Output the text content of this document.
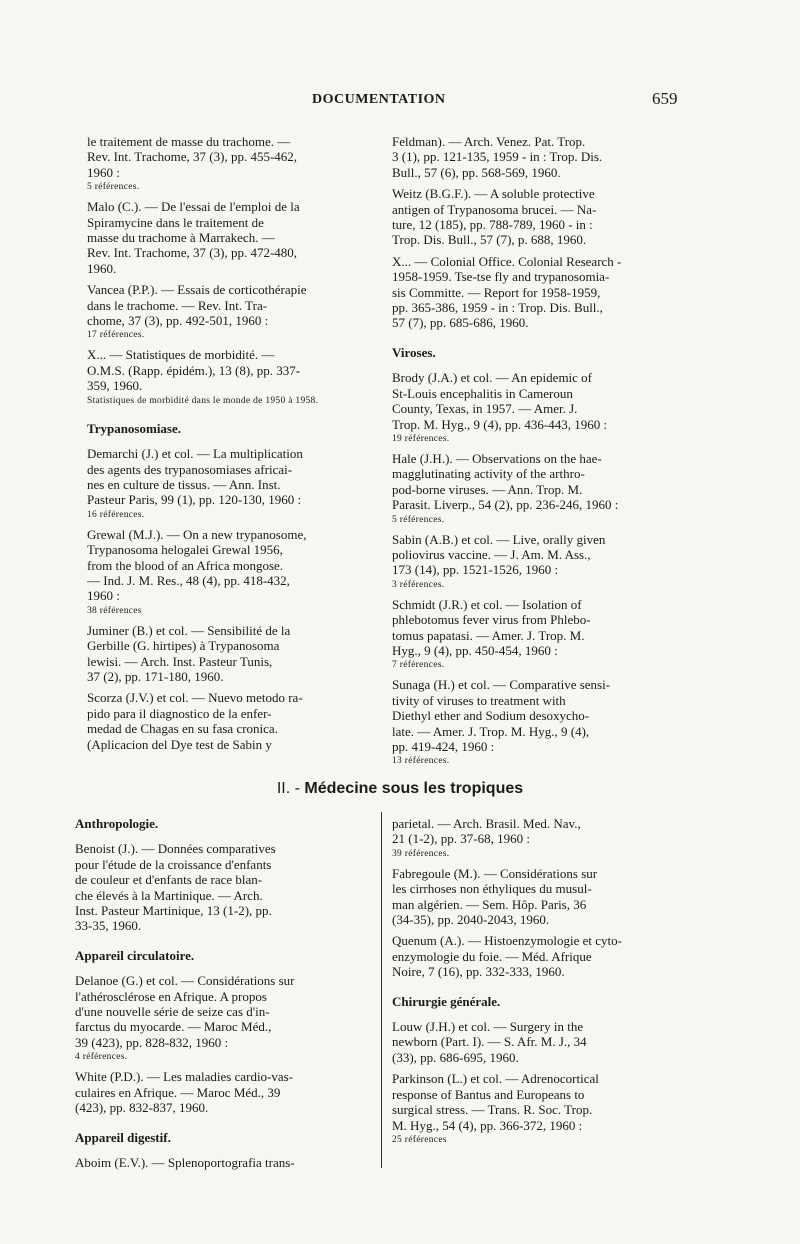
DOCUMENTATION	659
le traitement de masse du trachome. —
Rev. Int. Trachome, 37 (3), pp. 455-462,
1960 :
5 références.
Malo (C.). — De l'essai de l'emploi de la
Spiramycine dans le traitement de
masse du trachome à Marrakech. —
Rev. Int. Trachome, 37 (3), pp. 472-480,
1960.
Vancea (P.P.). — Essais de corticothérapie
dans le trachome. — Rev. Int. Tra-
chome, 37 (3), pp. 492-501, 1960 :
17 références.
X... — Statistiques de morbidité. —
O.M.S. (Rapp. épidém.), 13 (8), pp. 337-
359, 1960.
Statistiques de morbidité dans le monde de 1950 à 1958.
Trypanosomiase.
Demarchi (J.) et col. — La multiplication
des agents des trypanosomiases africai-
nes en culture de tissus. — Ann. Inst.
Pasteur Paris, 99 (1), pp. 120-130, 1960 :
16 références.
Grewal (M.J.). — On a new trypanosome,
Trypanosoma helogalei Grewal 1956,
from the blood of an Africa mongose.
— Ind. J. M. Res., 48 (4), pp. 418-432,
1960 :
38 références
Juminer (B.) et col. — Sensibilité de la
Gerbille (G. hirtipes) à Trypanosoma
lewisi. — Arch. Inst. Pasteur Tunis,
37 (2), pp. 171-180, 1960.
Scorza (J.V.) et col. — Nuevo metodo ra-
pido para il diagnostico de la enfer-
medad de Chagas en su fasa cronica.
(Aplicacion del Dye test de Sabin y
Feldman). — Arch. Venez. Pat. Trop.
3 (1), pp. 121-135, 1959 - in : Trop. Dis.
Bull., 57 (6), pp. 568-569, 1960.
Weitz (B.G.F.). — A soluble protective
antigen of Trypanosoma brucei. — Na-
ture, 12 (185), pp. 788-789, 1960 - in :
Trop. Dis. Bull., 57 (7), p. 688, 1960.
X... — Colonial Office. Colonial Research -
1958-1959. Tse-tse fly and trypanosomia-
sis Committe. — Report for 1958-1959,
pp. 365-386, 1959 - in : Trop. Dis. Bull.,
57 (7), pp. 685-686, 1960.
Viroses.
Brody (J.A.) et col. — An epidemic of
St-Louis encephalitis in Cameroun
County, Texas, in 1957. — Amer. J.
Trop. M. Hyg., 9 (4), pp. 436-443, 1960 :
19 références.
Hale (J.H.). — Observations on the hae-
magglutinating activity of the arthro-
pod-borne viruses. — Ann. Trop. M.
Parasit. Liverp., 54 (2), pp. 236-246, 1960 :
5 références.
Sabin (A.B.) et col. — Live, orally given
poliovirus vaccine. — J. Am. M. Ass.,
173 (14), pp. 1521-1526, 1960 :
3 références.
Schmidt (J.R.) et col. — Isolation of
phlebotomus fever virus from Phlebo-
tomus papatasi. — Amer. J. Trop. M.
Hyg., 9 (4), pp. 450-454, 1960 :
7 références.
Sunaga (H.) et col. — Comparative sensi-
tivity of viruses to treatment with
Diethyl ether and Sodium desoxycho-
late. — Amer. J. Trop. M. Hyg., 9 (4),
pp. 419-424, 1960 :
13 références.
II. - Médecine sous les tropiques
Anthropologie.
Benoist (J.). — Données comparatives
pour l'étude de la croissance d'enfants
de couleur et d'enfants de race blan-
che élevés à la Martinique. — Arch.
Inst. Pasteur Martinique, 13 (1-2), pp.
33-35, 1960.
Appareil circulatoire.
Delanoe (G.) et col. — Considérations sur
l'athérosclérose en Afrique. A propos
d'une nouvelle série de seize cas d'in-
farctus du myocarde. — Maroc Méd.,
39 (423), pp. 828-832, 1960 :
4 références.
White (P.D.). — Les maladies cardio-vas-
culaires en Afrique. — Maroc Méd., 39
(423), pp. 832-837, 1960.
Appareil digestif.
Aboim (E.V.). — Splenoportografia trans-
parietal. — Arch. Brasil. Med. Nav.,
21 (1-2), pp. 37-68, 1960 :
39 références.
Fabregoule (M.). — Considérations sur
les cirrhoses non éthyliques du musul-
man algérien. — Sem. Hôp. Paris, 36
(34-35), pp. 2040-2043, 1960.
Quenum (A.). — Histoenzymologie et cyto-
enzymologie du foie. — Méd. Afrique
Noire, 7 (16), pp. 332-333, 1960.
Chirurgie générale.
Louw (J.H.) et col. — Surgery in the
newborn (Part. I). — S. Afr. M. J., 34
(33), pp. 686-695, 1960.
Parkinson (L.) et col. — Adrenocortical
response of Bantus and Europeans to
surgical stress. — Trans. R. Soc. Trop.
M. Hyg., 54 (4), pp. 366-372, 1960 :
25 références
